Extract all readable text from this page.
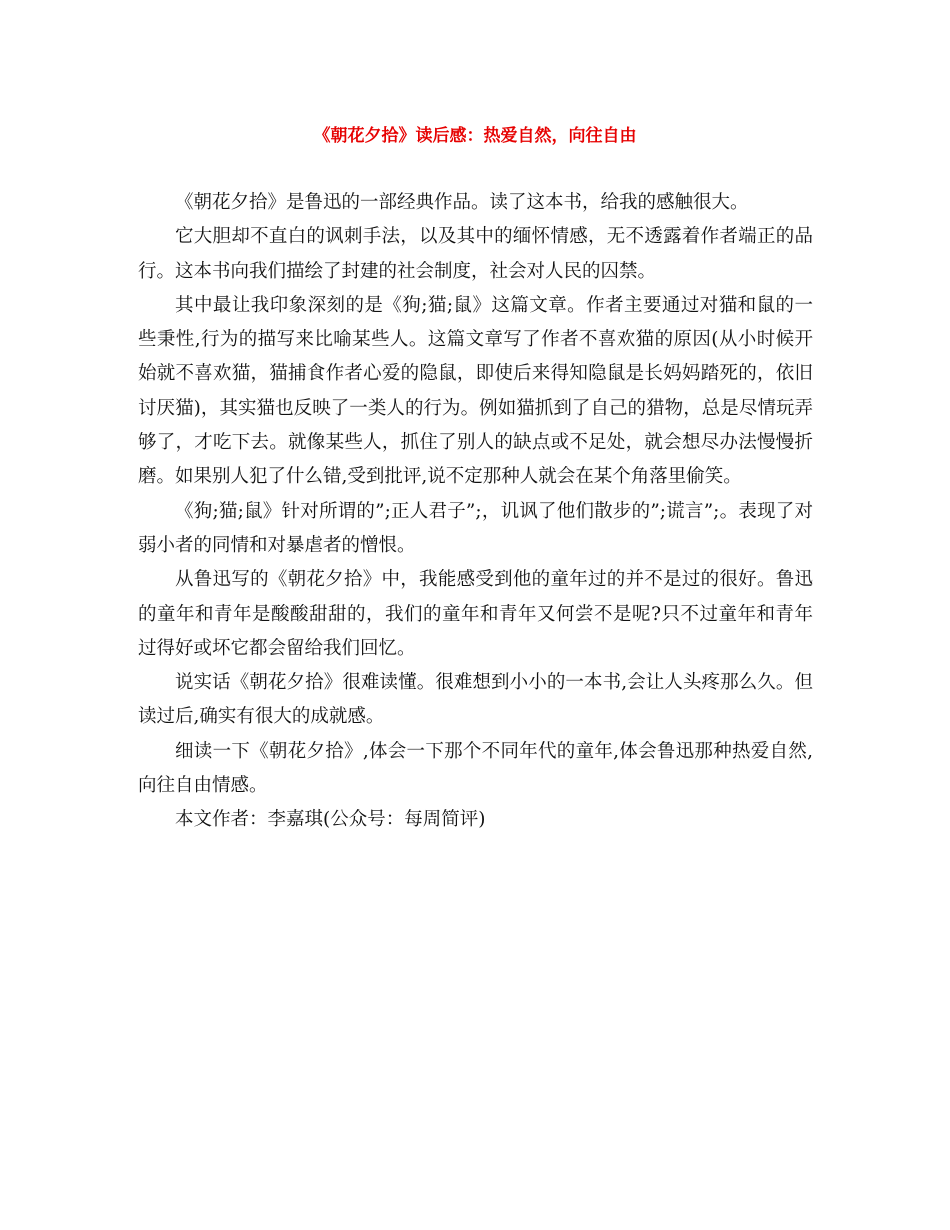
《朝花夕拾》读后感：热爱自然，向往自由

《朝花夕拾》是鲁迅的一部经典作品。读了这本书，给我的感触很大。

它大胆却不直白的讽刺手法，以及其中的缅怀情感，无不透露着作者端正的品行。这本书向我们描绘了封建的社会制度，社会对人民的囚禁。

其中最让我印象深刻的是《狗;猫;鼠》这篇文章。作者主要通过对猫和鼠的一些秉性,行为的描写来比喻某些人。这篇文章写了作者不喜欢猫的原因(从小时候开始就不喜欢猫，猫捕食作者心爱的隐鼠，即使后来得知隐鼠是长妈妈踏死的，依旧讨厌猫)，其实猫也反映了一类人的行为。例如猫抓到了自己的猎物，总是尽情玩弄够了，才吃下去。就像某些人，抓住了别人的缺点或不足处，就会想尽办法慢慢折磨。如果别人犯了什么错,受到批评,说不定那种人就会在某个角落里偷笑。

《狗;猫;鼠》针对所谓的”;正人君子”;，讥讽了他们散步的”;谎言”;。表现了对弱小者的同情和对暴虐者的憎恨。

从鲁迅写的《朝花夕拾》中，我能感受到他的童年过的并不是过的很好。鲁迅的童年和青年是酸酸甜甜的，我们的童年和青年又何尝不是呢?只不过童年和青年过得好或坏它都会留给我们回忆。

说实话《朝花夕拾》很难读懂。很难想到小小的一本书,会让人头疼那么久。但读过后,确实有很大的成就感。

细读一下《朝花夕拾》,体会一下那个不同年代的童年,体会鲁迅那种热爱自然,向往自由情感。

本文作者：李嘉琪(公众号：每周简评)
